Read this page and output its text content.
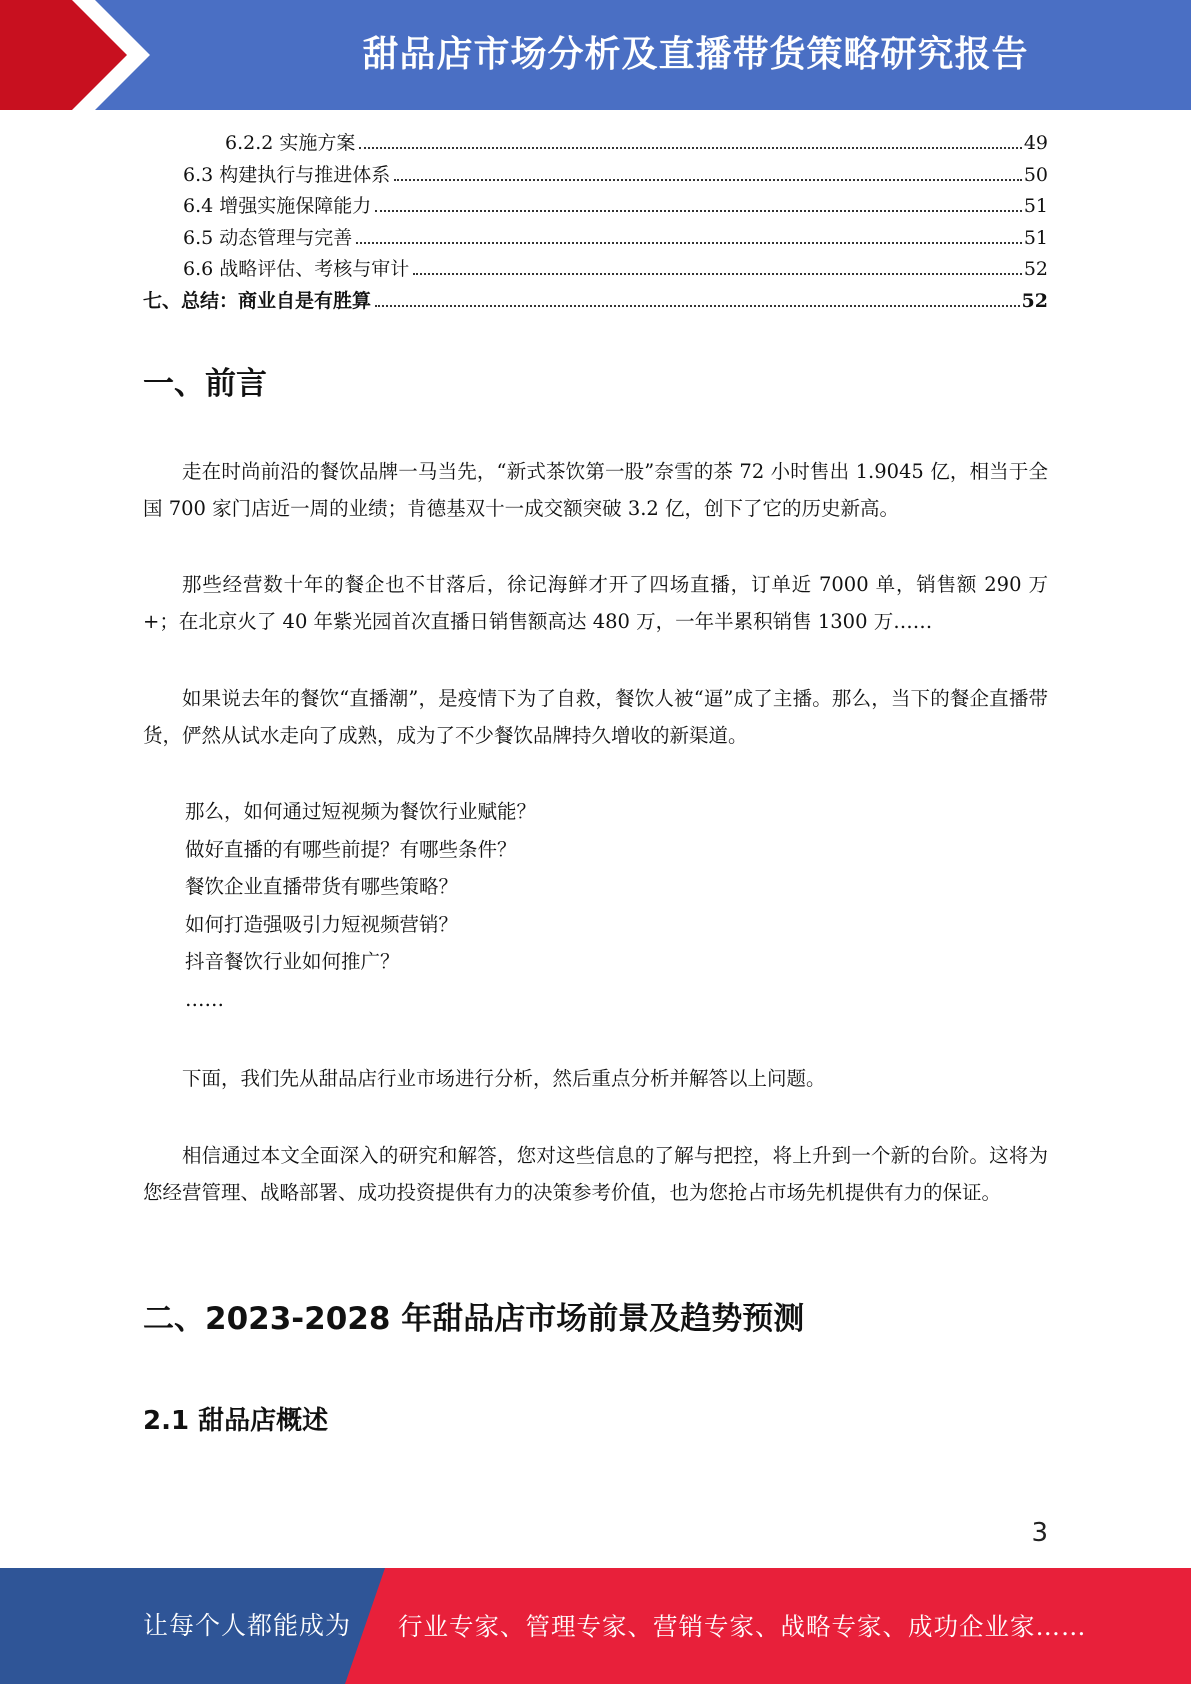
甜品店市场分析及直播带货策略研究报告
6.2.2 实施方案	49
6.3 构建执行与推进体系	50
6.4 增强实施保障能力	51
6.5 动态管理与完善	51
6.6 战略评估、考核与审计	52
七、总结：商业自是有胜算	52
一、前言

走在时尚前沿的餐饮品牌一马当先，“新式茶饮第一股”奈雪的茶 72 小时售出 1.9045 亿，相当于全国 700 家门店近一周的业绩；肯德基双十一成交额突破 3.2 亿，创下了它的历史新高。

那些经营数十年的餐企也不甘落后，徐记海鲜才开了四场直播，订单近 7000 单，销售额 290 万+；在北京火了 40 年紫光园首次直播日销售额高达 480 万，一年半累积销售 1300 万……

如果说去年的餐饮“直播潮”，是疫情下为了自救，餐饮人被“逼”成了主播。那么，当下的餐企直播带货，俨然从试水走向了成熟，成为了不少餐饮品牌持久增收的新渠道。

那么，如何通过短视频为餐饮行业赋能？
做好直播的有哪些前提？有哪些条件？
餐饮企业直播带货有哪些策略？
如何打造强吸引力短视频营销？
抖音餐饮行业如何推广？
……

下面，我们先从甜品店行业市场进行分析，然后重点分析并解答以上问题。

相信通过本文全面深入的研究和解答，您对这些信息的了解与把控，将上升到一个新的台阶。这将为您经营管理、战略部署、成功投资提供有力的决策参考价值，也为您抢占市场先机提供有力的保证。

二、2023-2028 年甜品店市场前景及趋势预测
2.1 甜品店概述
3
让每个人都能成为 行业专家、管理专家、营销专家、战略专家、成功企业家……
